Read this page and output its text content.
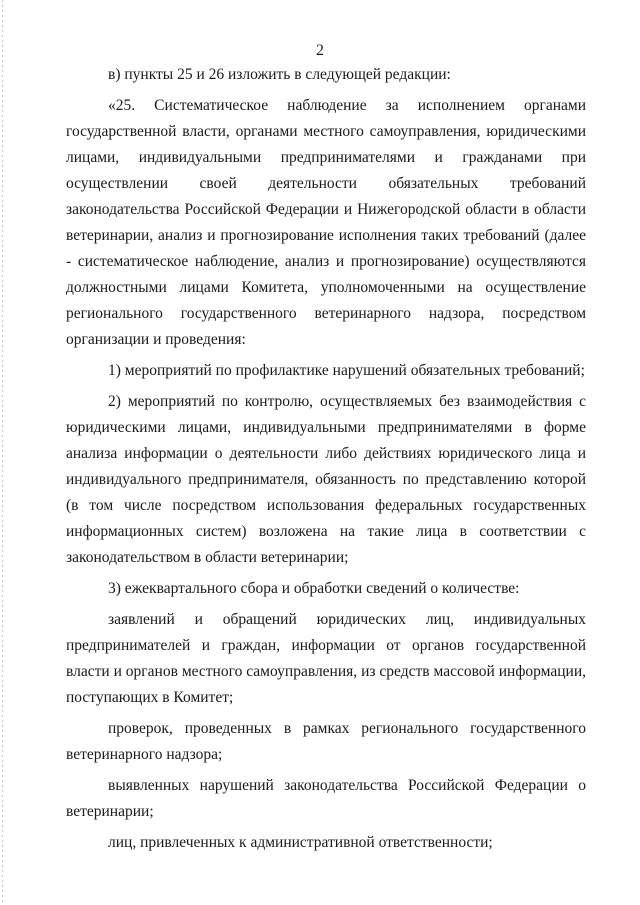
2

в) пункты 25 и 26 изложить в следующей редакции:

«25. Систематическое наблюдение за исполнением органами государственной власти, органами местного самоуправления, юридическими лицами, индивидуальными предпринимателями и гражданами при осуществлении своей деятельности обязательных требований законодательства Российской Федерации и Нижегородской области в области ветеринарии, анализ и прогнозирование исполнения таких требований (далее - систематическое наблюдение, анализ и прогнозирование) осуществляются должностными лицами Комитета, уполномоченными на осуществление регионального государственного ветеринарного надзора, посредством организации и проведения:

1) мероприятий по профилактике нарушений обязательных требований;

2) мероприятий по контролю, осуществляемых без взаимодействия с юридическими лицами, индивидуальными предпринимателями в форме анализа информации о деятельности либо действиях юридического лица и индивидуального предпринимателя, обязанность по представлению которой (в том числе посредством использования федеральных государственных информационных систем) возложена на такие лица в соответствии с законодательством в области ветеринарии;

3) ежеквартального сбора и обработки сведений о количестве:

заявлений и обращений юридических лиц, индивидуальных предпринимателей и граждан, информации от органов государственной власти и органов местного самоуправления, из средств массовой информации, поступающих в Комитет;

проверок, проведенных в рамках регионального государственного ветеринарного надзора;

выявленных нарушений законодательства Российской Федерации о ветеринарии;

лиц, привлеченных к административной ответственности;
